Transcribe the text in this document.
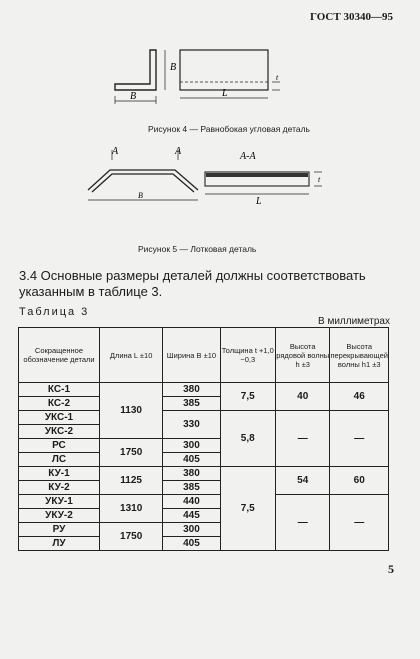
ГОСТ 30340—95
B
B
L
t
Рисунок 4 — Равнобокая угловая деталь
A	A	A-A
B
L
t
Рисунок 5 — Лотковая деталь
3.4 Основные размеры деталей должны соответствовать указанным в таблице 3.
Таблица 3
В миллиметрах
Сокращенное обозначение детали	Длина L ±10	Ширина B ±10	Толщина t +1,0 −0,3	Высота рядовой волны h ±3	Высота перекрывающей волны h1 ±3
КС-1	1130	380	7,5	40	46
КС-2		385			
УКС-1		330	5,8	—	—
УКС-2					
РС	1750	300			
ЛС		405			
КУ-1	1125	380	7,5	54	60
КУ-2		385			
УКУ-1	1310	440		—	—
УКУ-2		445			
РУ	1750	300			
ЛУ		405			
5
